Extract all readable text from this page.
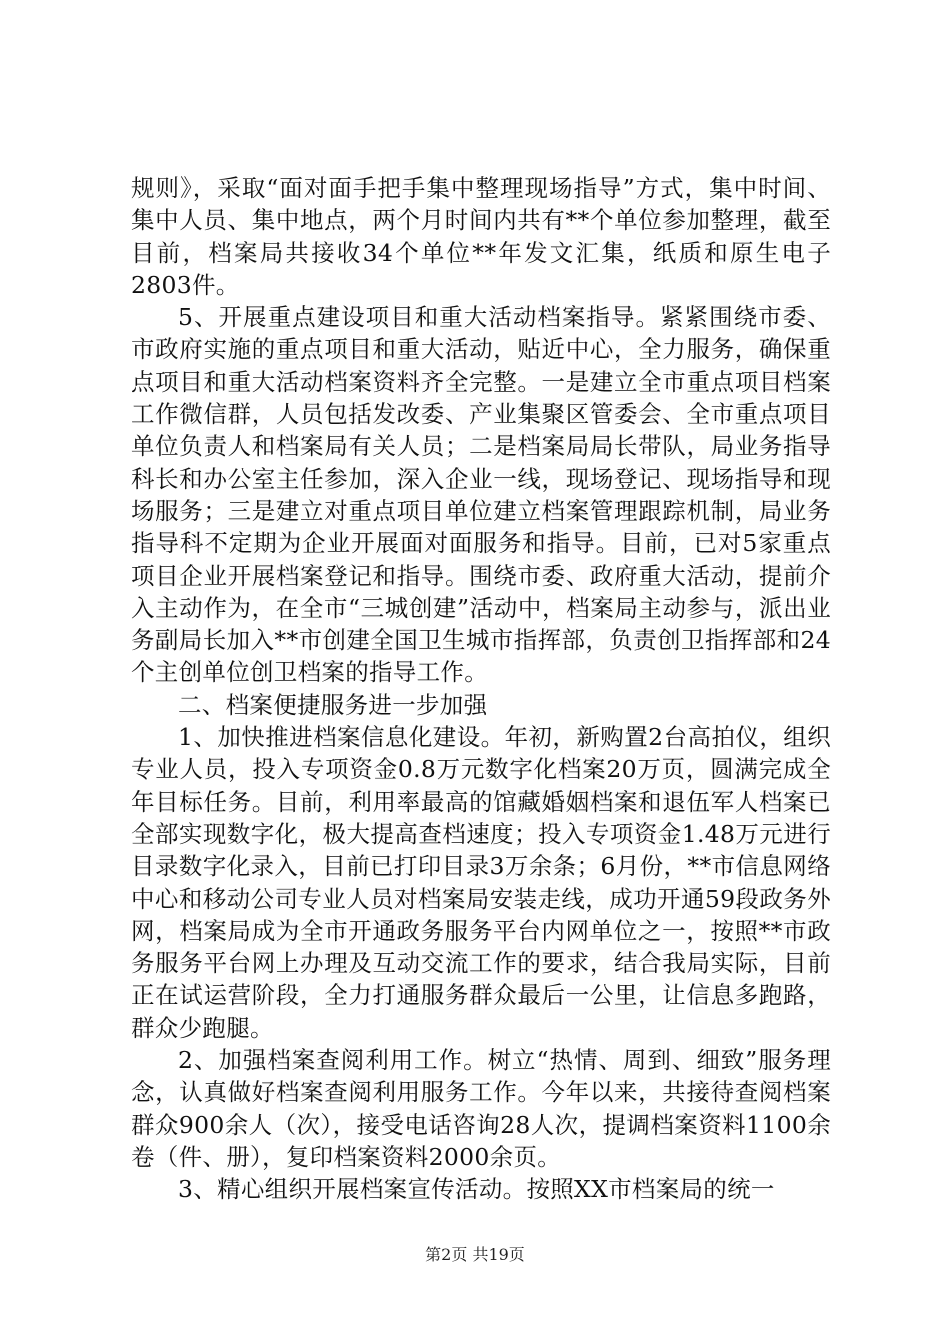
规则》，采取“面对面手把手集中整理现场指导”方式，集中时间、集中人员、集中地点，两个月时间内共有**个单位参加整理，截至目前，档案局共接收34个单位**年发文汇集，纸质和原生电子2803件。

5、开展重点建设项目和重大活动档案指导。紧紧围绕市委、市政府实施的重点项目和重大活动，贴近中心，全力服务，确保重点项目和重大活动档案资料齐全完整。一是建立全市重点项目档案工作微信群，人员包括发改委、产业集聚区管委会、全市重点项目单位负责人和档案局有关人员；二是档案局局长带队，局业务指导科长和办公室主任参加，深入企业一线，现场登记、现场指导和现场服务；三是建立对重点项目单位建立档案管理跟踪机制，局业务指导科不定期为企业开展面对面服务和指导。目前，已对5家重点项目企业开展档案登记和指导。围绕市委、政府重大活动，提前介入主动作为，在全市“三城创建”活动中，档案局主动参与，派出业务副局长加入**市创建全国卫生城市指挥部，负责创卫指挥部和24个主创单位创卫档案的指导工作。

二、档案便捷服务进一步加强

1、加快推进档案信息化建设。年初，新购置2台高拍仪，组织专业人员，投入专项资金0.8万元数字化档案20万页，圆满完成全年目标任务。目前，利用率最高的馆藏婚姻档案和退伍军人档案已全部实现数字化，极大提高查档速度；投入专项资金1.48万元进行目录数字化录入，目前已打印目录3万余条；6月份，**市信息网络中心和移动公司专业人员对档案局安装走线，成功开通59段政务外网，档案局成为全市开通政务服务平台内网单位之一，按照**市政务服务平台网上办理及互动交流工作的要求，结合我局实际，目前正在试运营阶段，全力打通服务群众最后一公里，让信息多跑路，群众少跑腿。

2、加强档案查阅利用工作。树立“热情、周到、细致”服务理念，认真做好档案查阅利用服务工作。今年以来，共接待查阅档案群众900余人（次），接受电话咨询28人次，提调档案资料1100余卷（件、册），复印档案资料2000余页。

3、精心组织开展档案宣传活动。按照XX市档案局的统一

第2页 共19页
